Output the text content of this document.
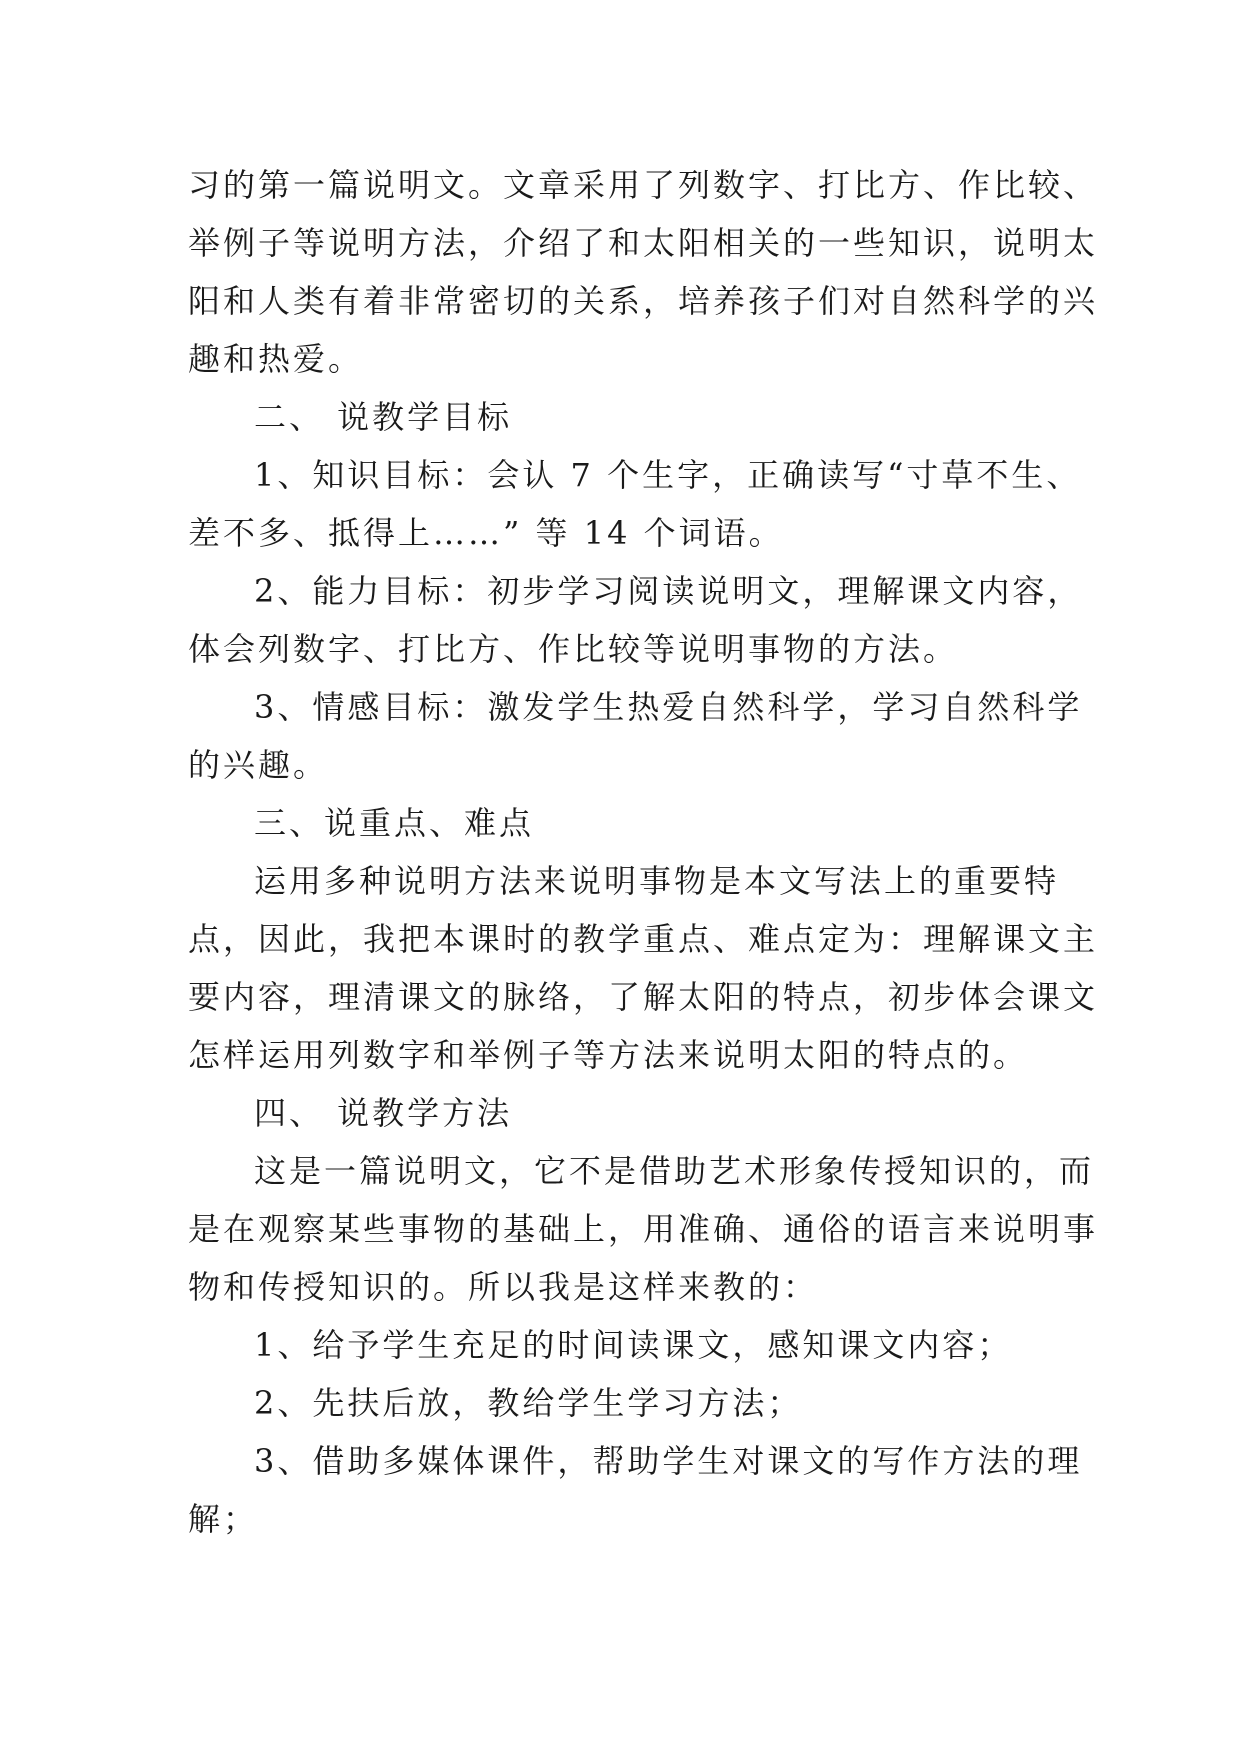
习的第一篇说明文。文章采用了列数字、打比方、作比较、
举例子等说明方法，介绍了和太阳相关的一些知识，说明太
阳和人类有着非常密切的关系，培养孩子们对自然科学的兴
趣和热爱。
二、 说教学目标
1、知识目标：会认 7 个生字，正确读写“寸草不生、
差不多、抵得上……” 等 14 个词语。
2、能力目标：初步学习阅读说明文，理解课文内容，
体会列数字、打比方、作比较等说明事物的方法。
3、情感目标：激发学生热爱自然科学，学习自然科学
的兴趣。
三、说重点、难点
运用多种说明方法来说明事物是本文写法上的重要特
点，因此，我把本课时的教学重点、难点定为：理解课文主
要内容，理清课文的脉络，了解太阳的特点，初步体会课文
怎样运用列数字和举例子等方法来说明太阳的特点的。
四、 说教学方法
这是一篇说明文，它不是借助艺术形象传授知识的，而
是在观察某些事物的基础上，用准确、通俗的语言来说明事
物和传授知识的。所以我是这样来教的：
1、给予学生充足的时间读课文，感知课文内容；
2、先扶后放，教给学生学习方法；
3、借助多媒体课件，帮助学生对课文的写作方法的理
解；
